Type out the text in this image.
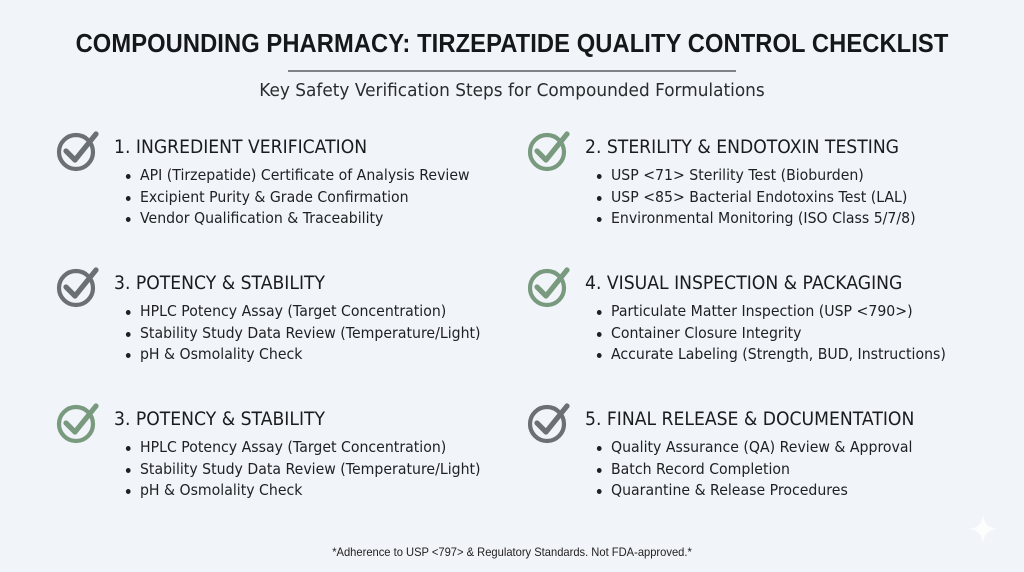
COMPOUNDING PHARMACY: TIRZEPATIDE QUALITY CONTROL CHECKLIST
Key Safety Verification Steps for Compounded Formulations
1. INGREDIENT VERIFICATION
API (Tirzepatide) Certificate of Analysis Review
Excipient Purity & Grade Confirmation
Vendor Qualification & Traceability
2. STERILITY & ENDOTOXIN TESTING
USP <71> Sterility Test (Bioburden)
USP <85> Bacterial Endotoxins Test (LAL)
Environmental Monitoring (ISO Class 5/7/8)
3. POTENCY & STABILITY
HPLC Potency Assay (Target Concentration)
Stability Study Data Review (Temperature/Light)
pH & Osmolality Check
4. VISUAL INSPECTION & PACKAGING
Particulate Matter Inspection (USP <790>)
Container Closure Integrity
Accurate Labeling (Strength, BUD, Instructions)
3. POTENCY & STABILITY
HPLC Potency Assay (Target Concentration)
Stability Study Data Review (Temperature/Light)
pH & Osmolality Check
5. FINAL RELEASE & DOCUMENTATION
Quality Assurance (QA) Review & Approval
Batch Record Completion
Quarantine & Release Procedures
*Adherence to USP <797> & Regulatory Standards. Not FDA-approved.*
